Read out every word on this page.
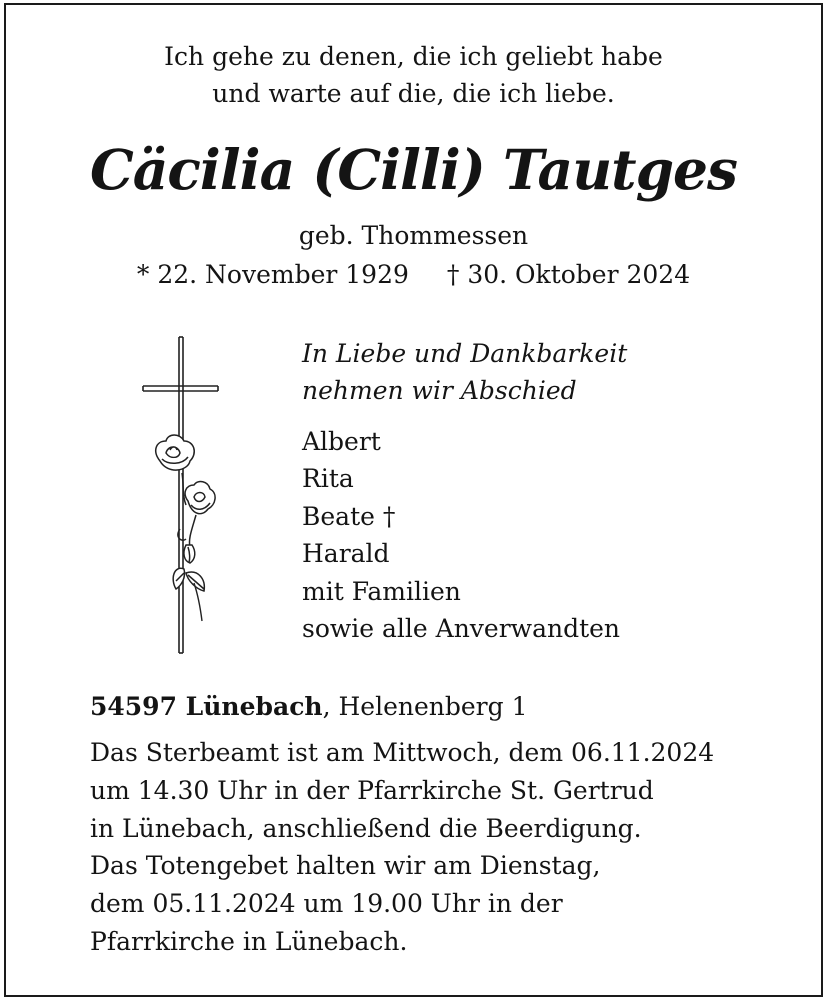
Ich gehe zu denen, die ich geliebt habe
und warte auf die, die ich liebe.
Cäcilia (Cilli) Tautges
geb. Thommessen
* 22. November 1929 † 30. Oktober 2024
In Liebe und Dankbarkeit
nehmen wir Abschied
Albert
Rita
Beate †
Harald
mit Familien
sowie alle Anverwandten
54597 Lünebach, Helenenberg 1
Das Sterbeamt ist am Mittwoch, dem 06.11.2024
um 14.30 Uhr in der Pfarrkirche St. Gertrud
in Lünebach, anschließend die Beerdigung.
Das Totengebet halten wir am Dienstag,
dem 05.11.2024 um 19.00 Uhr in der
Pfarrkirche in Lünebach.
